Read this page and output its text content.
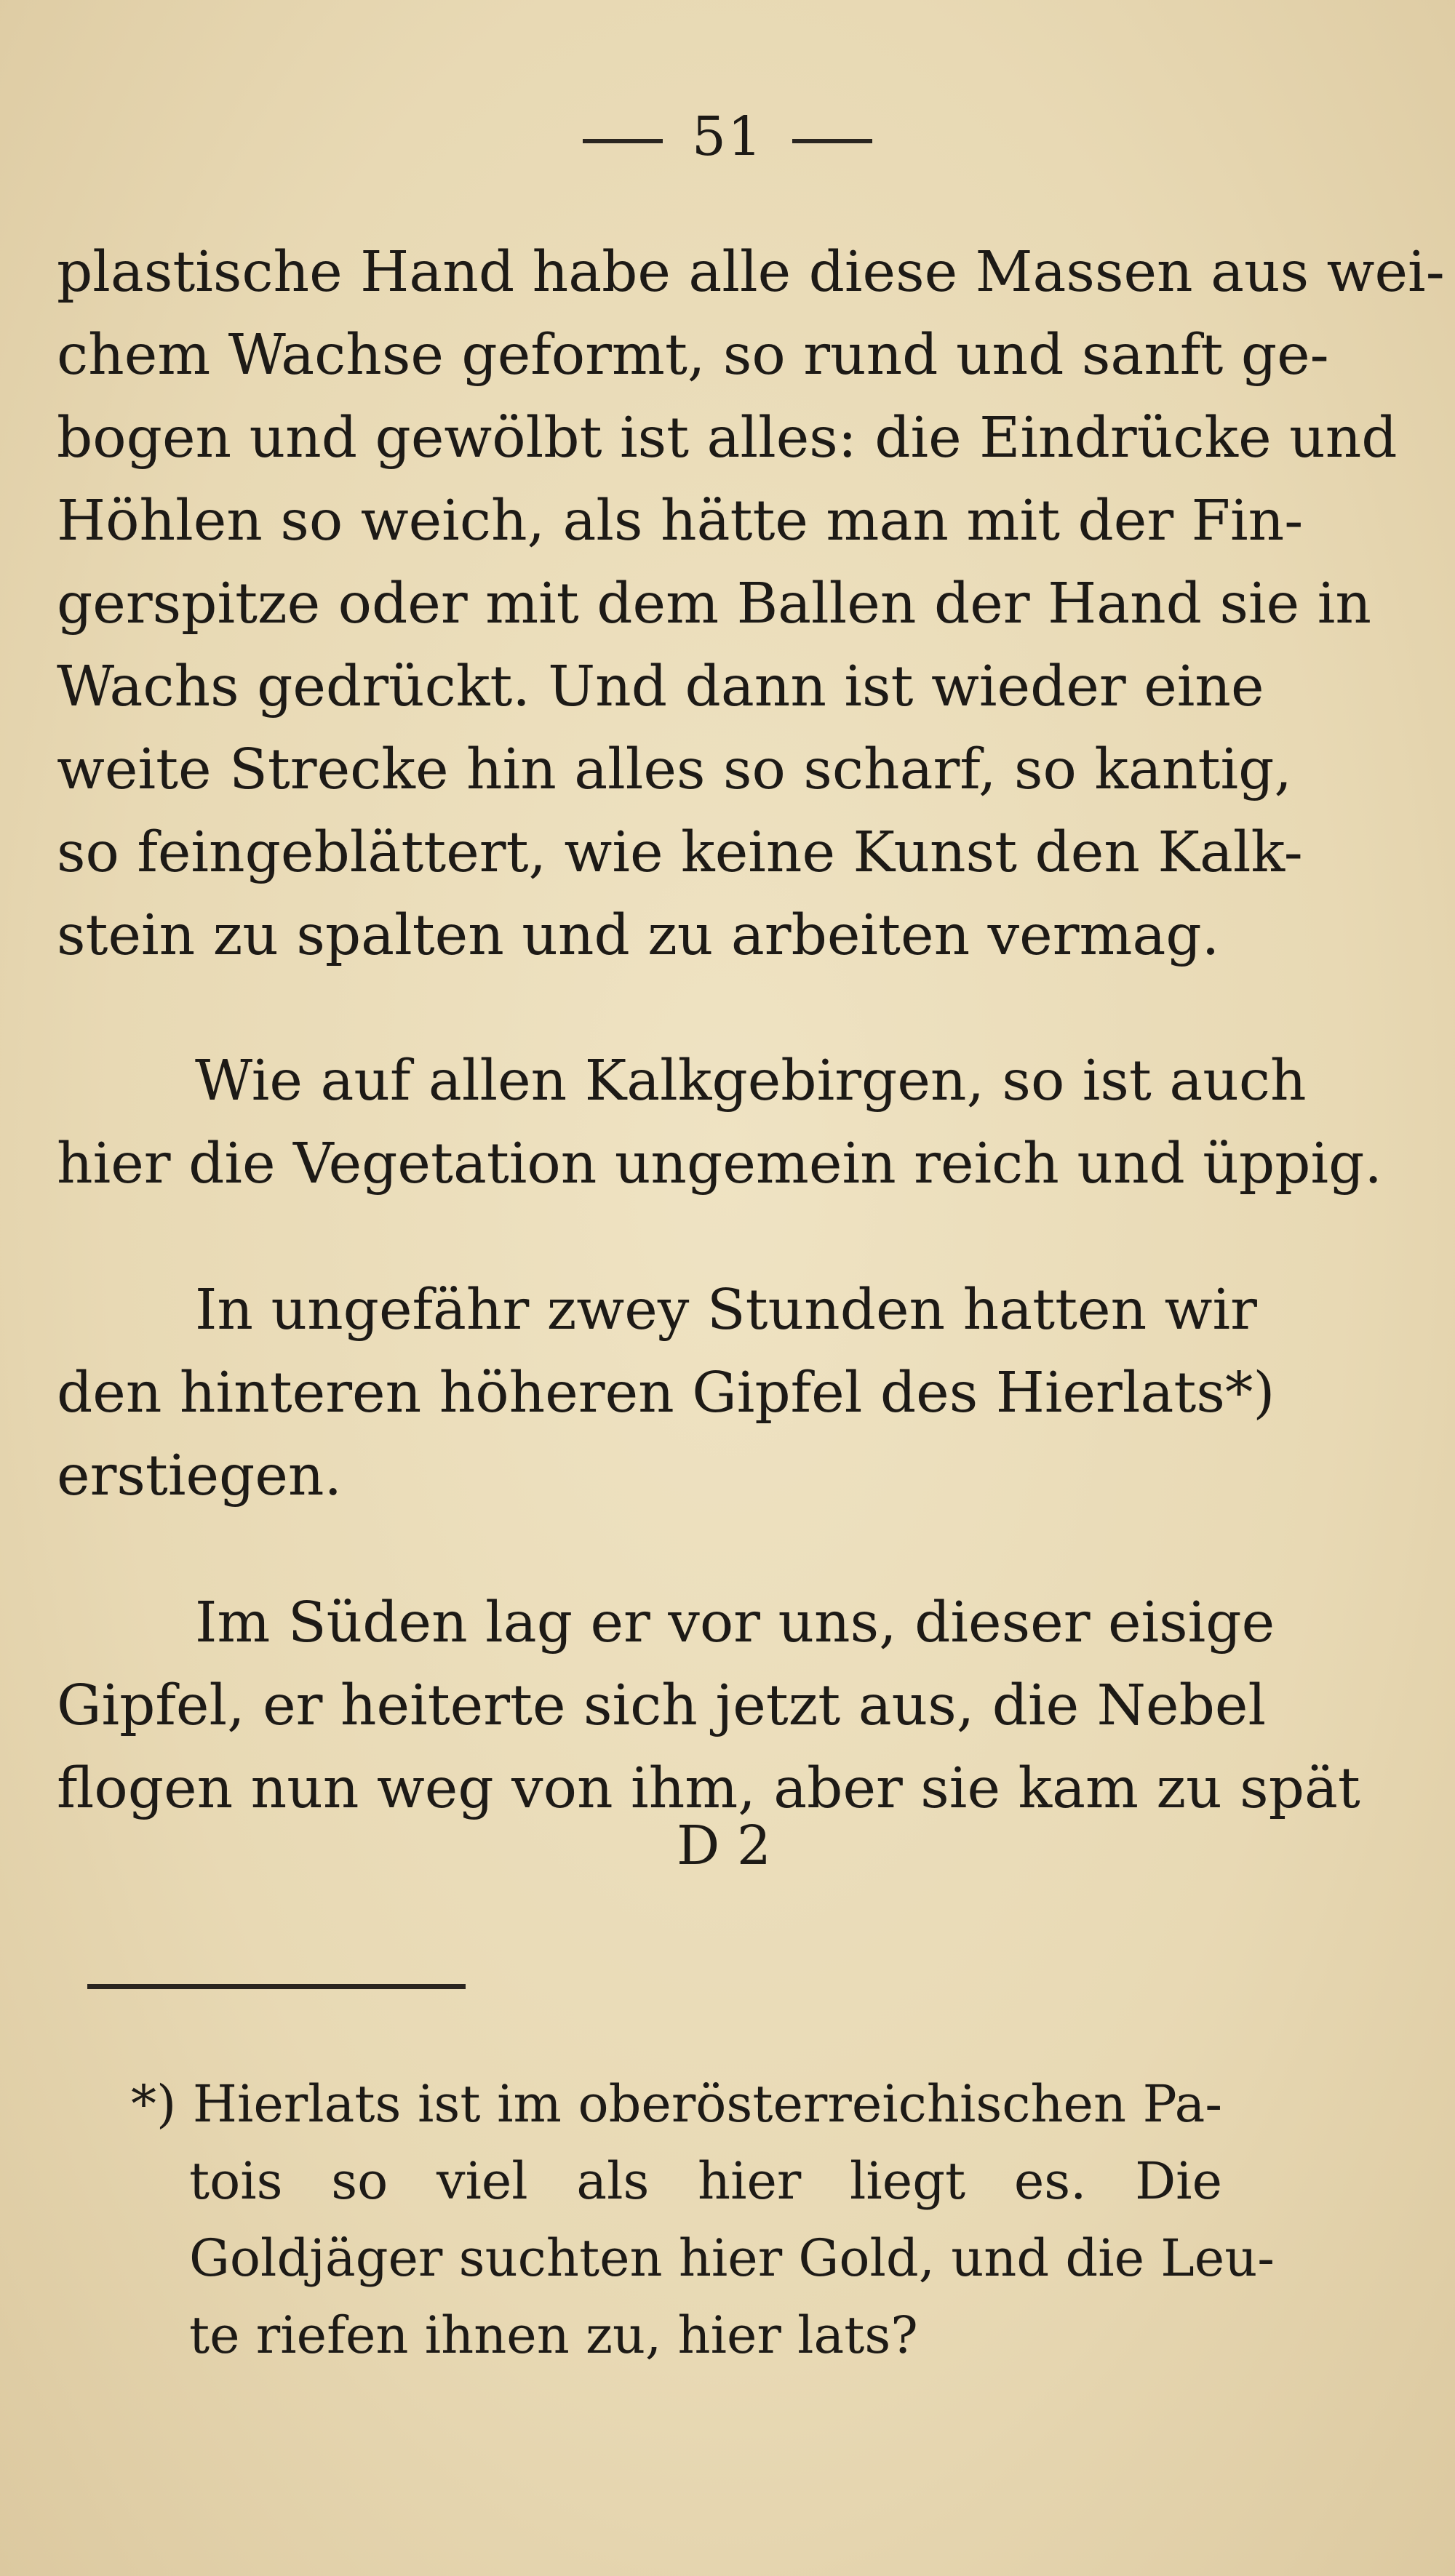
51
plastische Hand habe alle diese Massen aus wei-
chem Wachse geformt, so rund und sanft ge-
bogen und gewölbt ist alles: die Eindrücke und
Höhlen so weich, als hätte man mit der Fin-
gerspitze oder mit dem Ballen der Hand sie in
Wachs gedrückt. Und dann ist wieder eine
weite Strecke hin alles so scharf, so kantig,
so feingeblättert, wie keine Kunst den Kalk-
stein zu spalten und zu arbeiten vermag.
Wie auf allen Kalkgebirgen, so ist auch
hier die Vegetation ungemein reich und üppig.
In ungefähr zwey Stunden hatten wir
den hinteren höheren Gipfel des Hierlats*)
erstiegen.
Im Süden lag er vor uns, dieser eisige
Gipfel, er heiterte sich jetzt aus, die Nebel
flogen nun weg von ihm, aber sie kam zu spät
D 2
*) Hierlats ist im oberösterreichischen Pa-
tois so viel als hier liegt es. Die
Goldjäger suchten hier Gold, und die Leu-
te riefen ihnen zu, hier lats?
